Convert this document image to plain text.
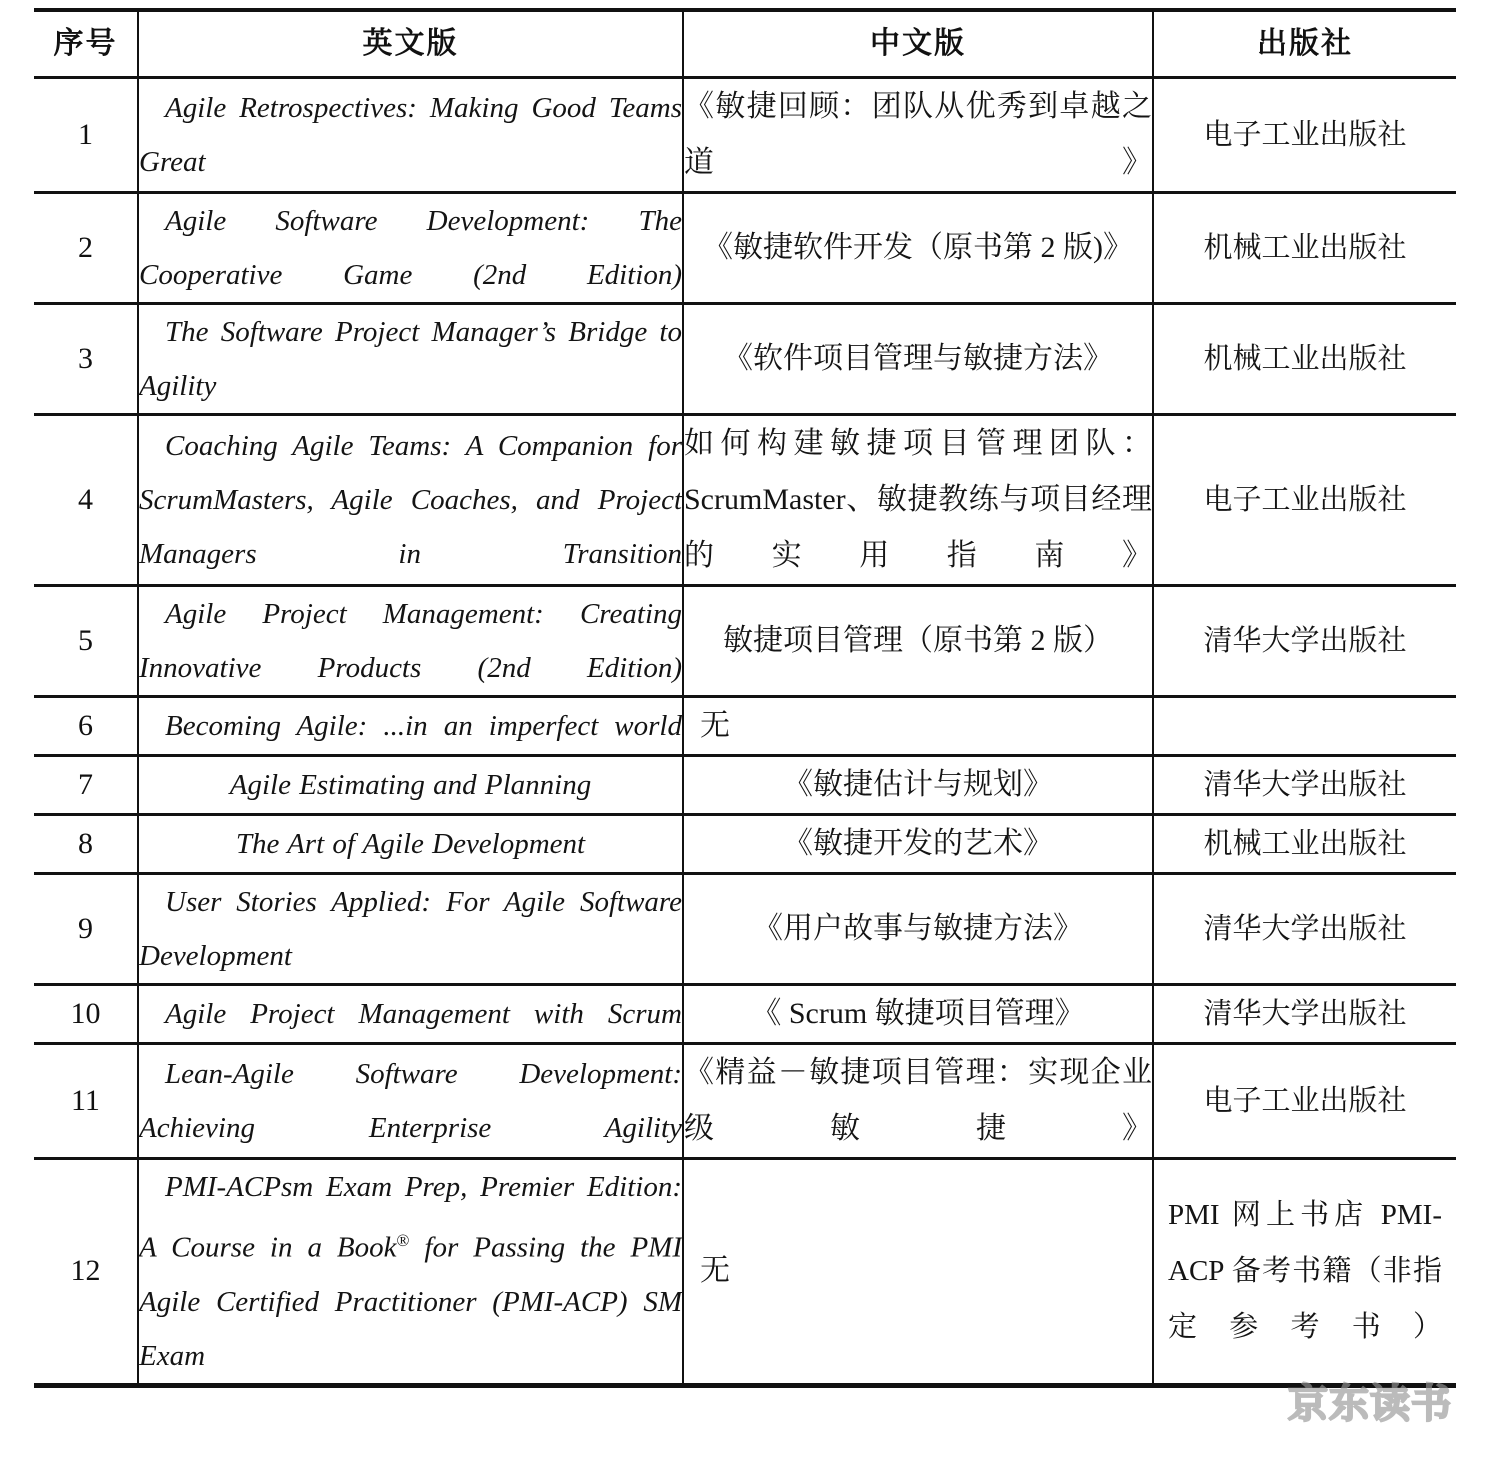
序号	英文版	中文版	出版社
1	Agile Retrospectives: Making Good Teams Great	《敏捷回顾：团队从优秀到卓越之道》	电子工业出版社
2	Agile Software Development: The Cooperative Game (2nd Edition)	《敏捷软件开发（原书第 2 版)》	机械工业出版社
3	The Software Project Manager’s Bridge to Agility	《软件项目管理与敏捷方法》	机械工业出版社
4	Coaching Agile Teams: A Companion for ScrumMasters, Agile Coaches, and Project Managers in Transition	如何构建敏捷项目管理团队：ScrumMaster、敏捷教练与项目经理的实用指南》	电子工业出版社
5	Agile Project Management: Creating Innovative Products (2nd Edition)	敏捷项目管理（原书第 2 版）	清华大学出版社
6	Becoming Agile: ...in an imperfect world	无	
7	Agile Estimating and Planning	《敏捷估计与规划》	清华大学出版社
8	The Art of Agile Development	《敏捷开发的艺术》	机械工业出版社
9	User Stories Applied: For Agile Software Development	《用户故事与敏捷方法》	清华大学出版社
10	Agile Project Management with Scrum	《 Scrum 敏捷项目管理》	清华大学出版社
11	Lean-Agile Software Development: Achieving Enterprise Agility	《精益－敏捷项目管理：实现企业级敏捷》	电子工业出版社
12	PMI-ACPsm Exam Prep, Premier Edition: A Course in a Book® for Passing the PMI Agile Certified Practitioner (PMI-ACP) SM Exam	无	PMI 网上书店 PMI-ACP 备考书籍（非指定参考书）
京东读书
